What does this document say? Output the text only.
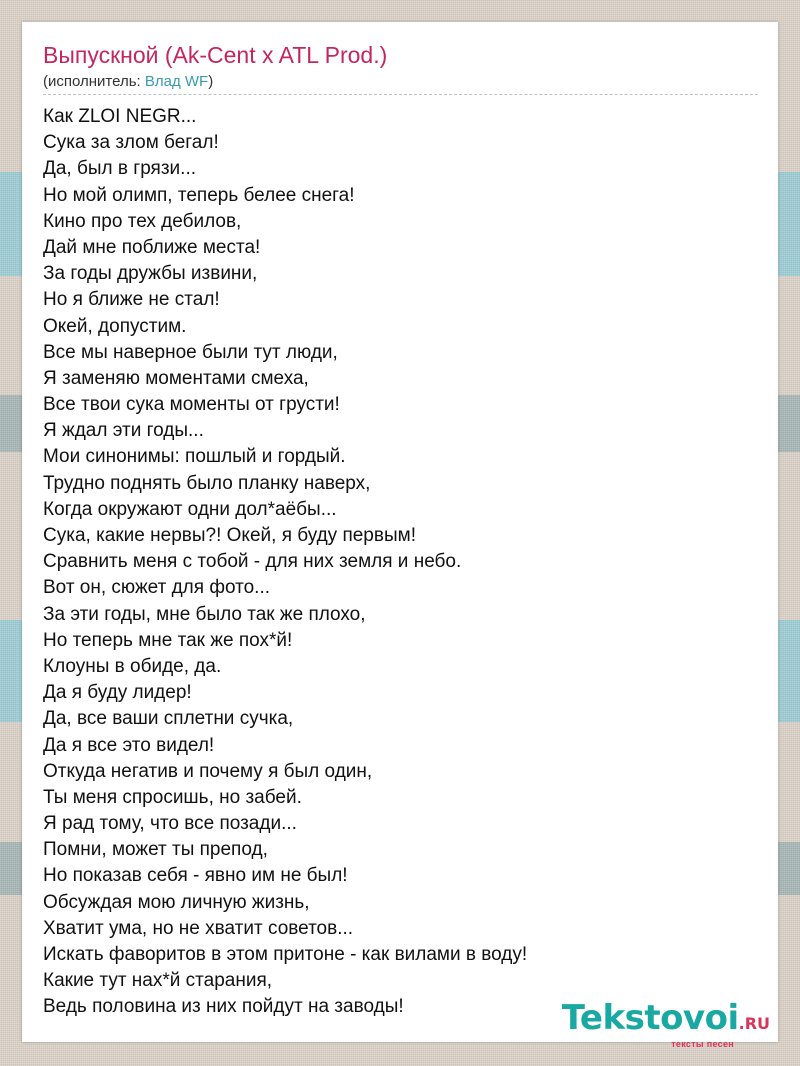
Выпускной (Ak-Cent x ATL Prod.)
(исполнитель: Влад WF)
Как ZLOI NEGR...
Сука за злом бегал!
Да, был в грязи...
Но мой олимп, теперь белее снега!
Кино про тех дебилов,
Дай мне поближе места!
За годы дружбы извини,
Но я ближе не стал!
Окей, допустим.
Все мы наверное были тут люди,
Я заменяю моментами смеха,
Все твои сука моменты от грусти!
Я ждал эти годы...
Мои синонимы: пошлый и гордый.
Трудно поднять было планку наверх,
Когда окружают одни дол*аёбы...
Сука, какие нервы?! Окей, я буду первым!
Сравнить меня с тобой - для них земля и небо.
Вот он, сюжет для фото...
За эти годы, мне было так же плохо,
Но теперь мне так же пох*й!
Клоуны в обиде, да.
Да я буду лидер!
Да, все ваши сплетни сучка,
Да я все это видел!
Откуда негатив и почему я был один,
Ты меня спросишь, но забей.
Я рад тому, что все позади...
Помни, может ты препод,
Но показав себя - явно им не был!
Обсуждая мою личную жизнь,
Хватит ума, но не хватит советов...
Искать фаворитов в этом притоне - как вилами в воду!
Какие тут нах*й старания,
Ведь половина из них пойдут на заводы!	Tekstovoi.RU
тексты песен
